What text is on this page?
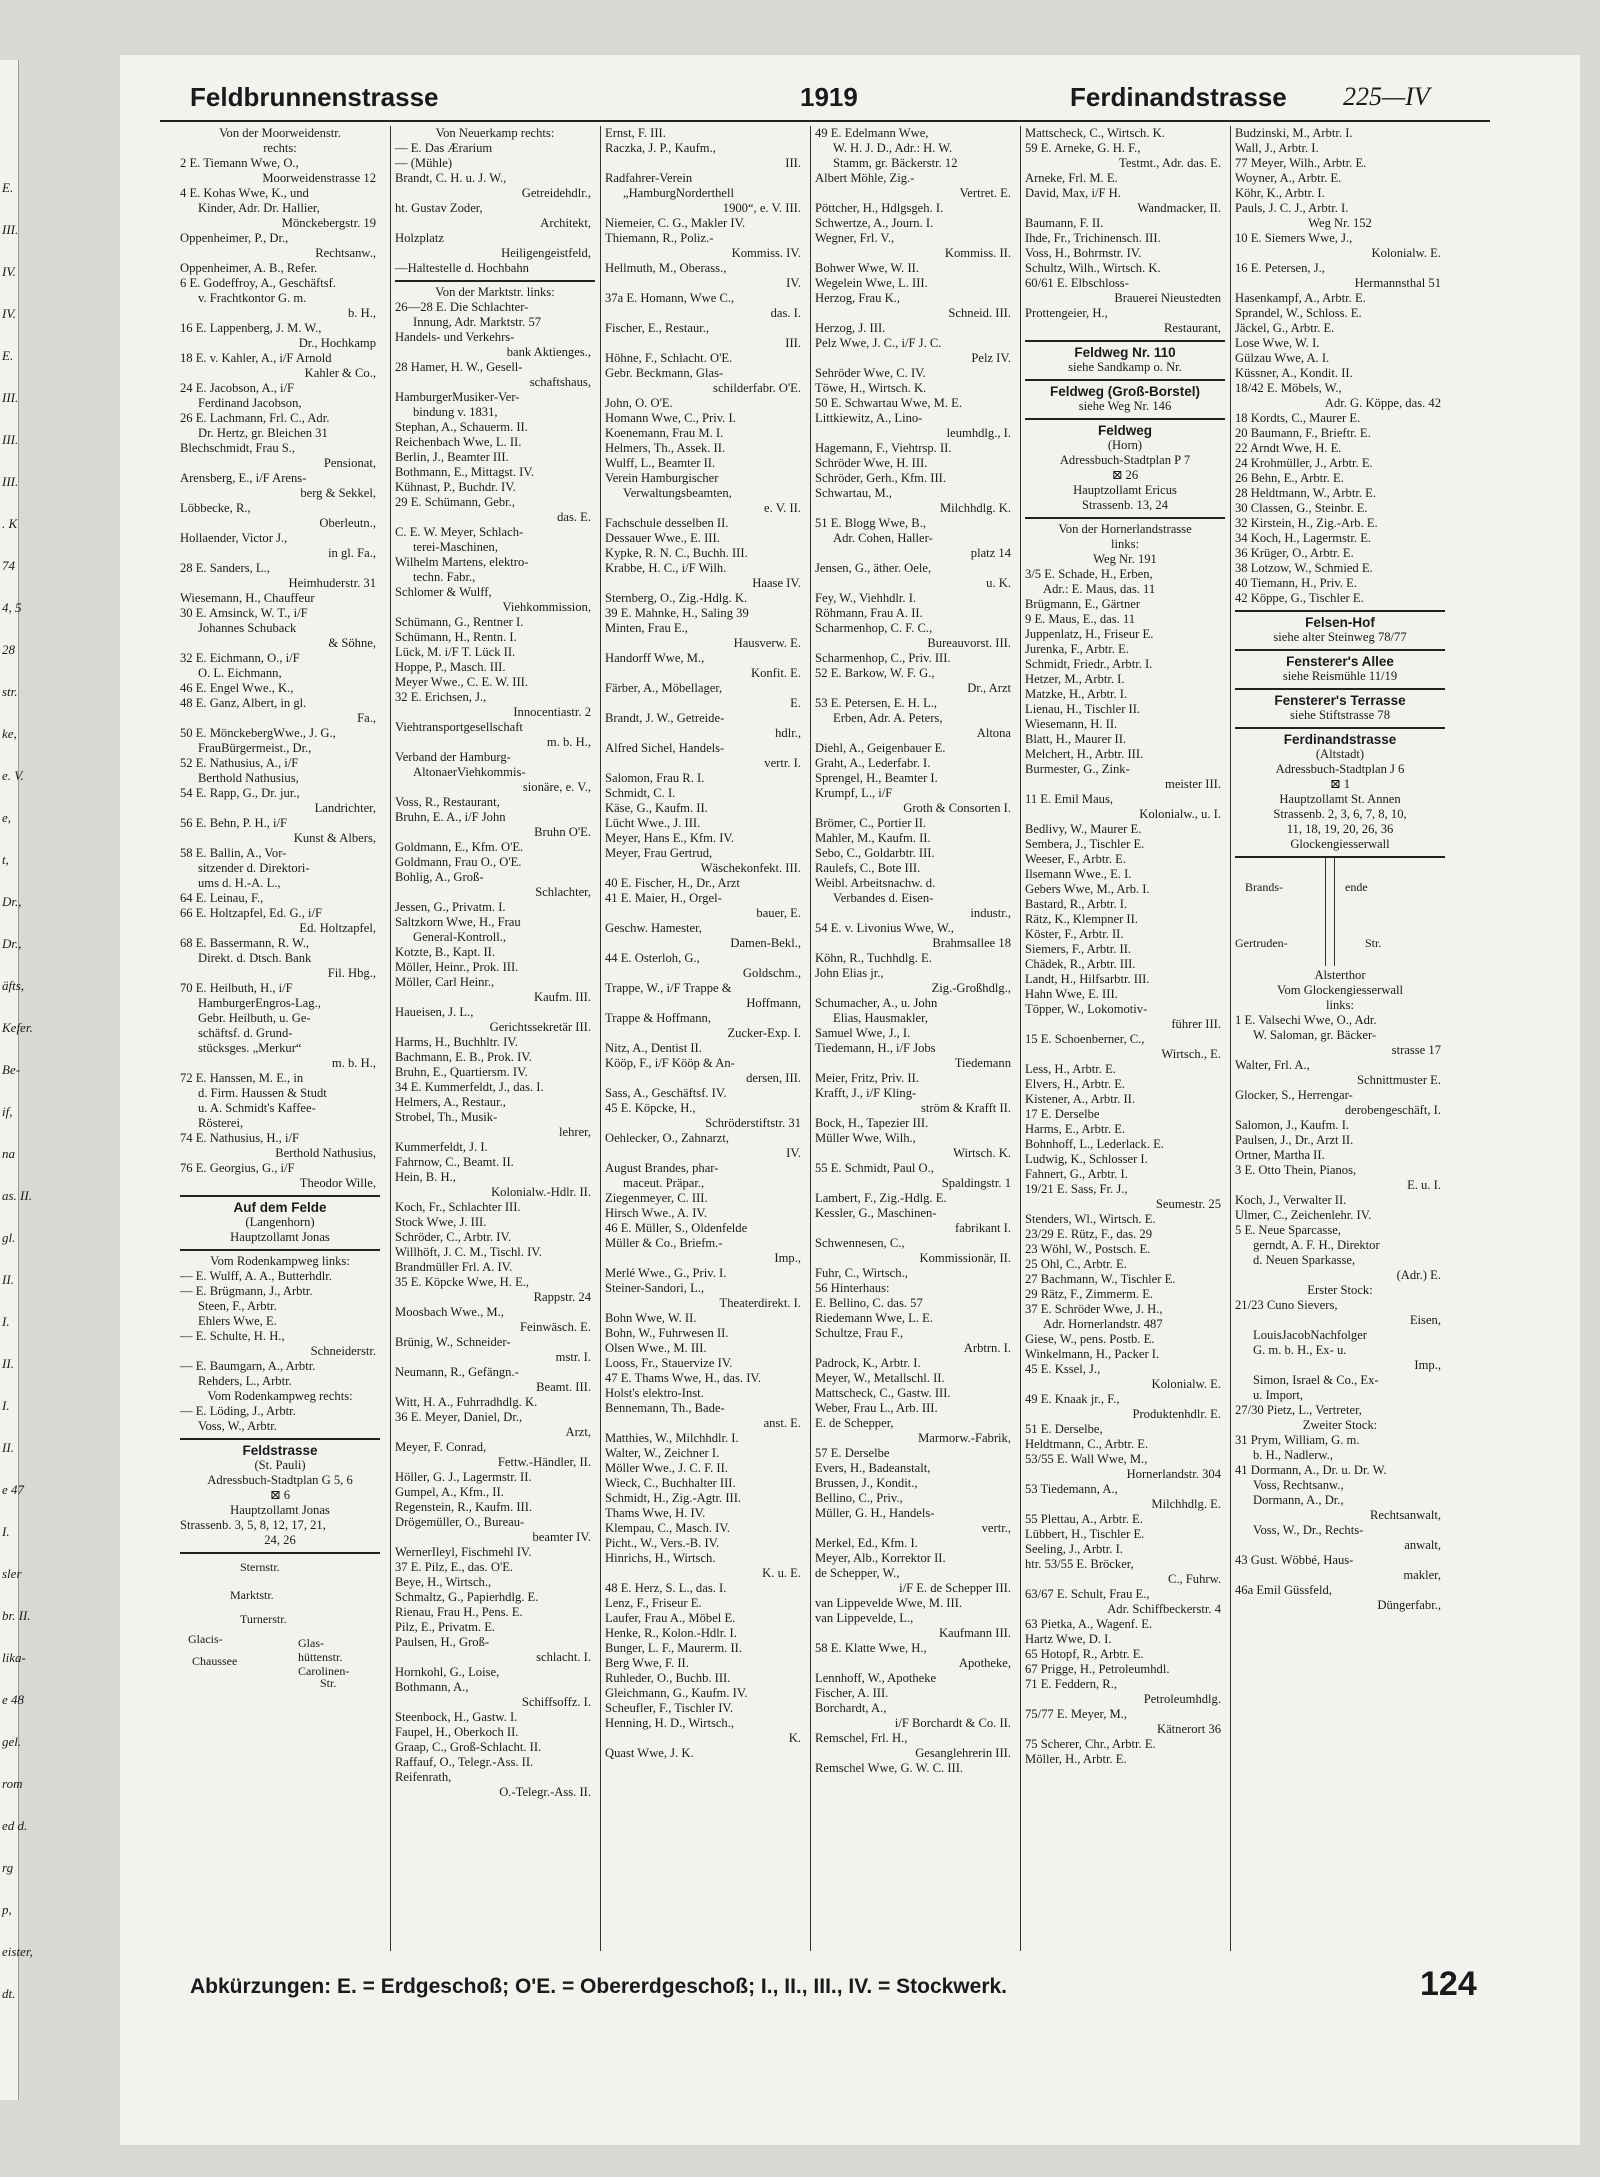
E.
III.
IV.
IV.
E.
III.
III.
III.
. K
74
4, 5
28
str.
ke,
e. V.
e,
t,
Dr.,
Dr.,
äfts,
Kefer.
Be-
if,
na
as. II.
gl.
II.
I.
II.
I.
II.
e 47
I.
sler
br. II.
lika-
e 48
gel.
rom
ed d.
rg
p,
eister,
dt.
Feldbrunnenstrasse	1919	Ferdinandstrasse 225—IV
Von der Moorweidenstr.
rechts:
2 E. Tiemann Wwe, O.,
Moorweidenstrasse 12
4 E. Kohas Wwe, K., und
Kinder, Adr. Dr. Hallier,
Mönckebergstr. 19
Oppenheimer, P., Dr.,
Rechtsanw.,
Oppenheimer, A. B., Refer.
6 E. Godeffroy, A., Geschäftsf.
v. Frachtkontor G. m.
b. H.,
16 E. Lappenberg, J. M. W.,
Dr., Hochkamp
18 E. v. Kahler, A., i/F Arnold
Kahler & Co.,
24 E. Jacobson, A., i/F
Ferdinand Jacobson,
26 E. Lachmann, Frl. C., Adr.
Dr. Hertz, gr. Bleichen 31
Blechschmidt, Frau S.,
Pensionat,
Arensberg, E., i/F Arens-
berg & Sekkel,
Löbbecke, R.,
Oberleutn.,
Hollaender, Victor J.,
in gl. Fa.,
28 E. Sanders, L.,
Heimhuderstr. 31
Wiesemann, H., Chauffeur
30 E. Amsinck, W. T., i/F
Johannes Schuback
& Söhne,
32 E. Eichmann, O., i/F
O. L. Eichmann,
46 E. Engel Wwe., K.,
48 E. Ganz, Albert, in gl.
Fa.,
50 E. MönckebergWwe., J. G.,
FrauBürgermeist., Dr.,
52 E. Nathusius, A., i/F
Berthold Nathusius,
54 E. Rapp, G., Dr. jur.,
Landrichter,
56 E. Behn, P. H., i/F
Kunst & Albers,
58 E. Ballin, A., Vor-
sitzender d. Direktori-
ums d. H.-A. L.,
64 E. Leinau, F.,
66 E. Holtzapfel, Ed. G., i/F
Ed. Holtzapfel,
68 E. Bassermann, R. W.,
Direkt. d. Dtsch. Bank
Fil. Hbg.,
70 E. Heilbuth, H., i/F
HamburgerEngros-Lag.,
Gebr. Heilbuth, u. Ge-
schäftsf. d. Grund-
stücksges. „Merkur“
m. b. H.,
72 E. Hanssen, M. E., in
d. Firm. Haussen & Studt
u. A. Schmidt's Kaffee-
Rösterei,
74 E. Nathusius, H., i/F
Berthold Nathusius,
76 E. Georgius, G., i/F
Theodor Wille,
Auf dem Felde
(Langenhorn)
Hauptzollamt Jonas
Vom Rodenkampweg links:
— E. Wulff, A. A., Butterhdlr.
— E. Brügmann, J., Arbtr.
Steen, F., Arbtr.
Ehlers Wwe, E.
— E. Schulte, H. H.,
Schneiderstr.
— E. Baumgarn, A., Arbtr.
Rehders, L., Arbtr.
Vom Rodenkampweg rechts:
— E. Löding, J., Arbtr.
Voss, W., Arbtr.
Feldstrasse
(St. Pauli)
Adressbuch-Stadtplan G 5, 6
⊠ 6
Hauptzollamt Jonas
Strassenb. 3, 5, 8, 12, 17, 21,
24, 26
Sternstr.
Marktstr.
Turnerstr.
Glas-
hüttenstr.
Glacis-
Chaussee
Carolinen-
Str.
Von Neuerkamp rechts:
— E. Das Ærarium
— (Mühle)
Brandt, C. H. u. J. W.,
Getreidehdlr.,
ht. Gustav Zoder,
Architekt,
Holzplatz
Heiligengeistfeld,
—Haltestelle d. Hochbahn
Von der Marktstr. links:
26—28 E. Die Schlachter-
Innung, Adr. Marktstr. 57
Handels- und Verkehrs-
bank Aktienges.,
28 Hamer, H. W., Gesell-
schaftshaus,
HamburgerMusiker-Ver-
bindung v. 1831,
Stephan, A., Schauerm. II.
Reichenbach Wwe, L. II.
Berlin, J., Beamter III.
Bothmann, E., Mittagst. IV.
Kühnast, P., Buchdr. IV.
29 E. Schümann, Gebr.,
das. E.
C. E. W. Meyer, Schlach-
terei-Maschinen,
Wilhelm Martens, elektro-
techn. Fabr.,
Schlomer & Wulff,
Viehkommission,
Schümann, G., Rentner I.
Schümann, H., Rentn. I.
Lück, M. i/F T. Lück II.
Hoppe, P., Masch. III.
Meyer Wwe., C. E. W. III.
32 E. Erichsen, J.,
Innocentiastr. 2
Viehtransportgesellschaft
m. b. H.,
Verband der Hamburg-
AltonaerViehkommis-
sionäre, e. V.,
Voss, R., Restaurant,
Bruhn, E. A., i/F John
Bruhn O'E.
Goldmann, E., Kfm. O'E.
Goldmann, Frau O., O'E.
Bohlig, A., Groß-
Schlachter,
Jessen, G., Privatm. I.
Saltzkorn Wwe, H., Frau
General-Kontroll.,
Kotzte, B., Kapt. II.
Möller, Heinr., Prok. III.
Möller, Carl Heinr.,
Kaufm. III.
Haueisen, J. L.,
Gerichtssekretär III.
Harms, H., Buchhltr. IV.
Bachmann, E. B., Prok. IV.
Bruhn, E., Quartiersm. IV.
34 E. Kummerfeldt, J., das. I.
Helmers, A., Restaur.,
Strobel, Th., Musik-
lehrer,
Kummerfeldt, J. I.
Fahrnow, C., Beamt. II.
Hein, B. H.,
Kolonialw.-Hdlr. II.
Koch, Fr., Schlachter III.
Stock Wwe, J. III.
Schröder, C., Arbtr. IV.
Willhöft, J. C. M., Tischl. IV.
Brandmüller Frl. A. IV.
35 E. Köpcke Wwe, H. E.,
Rappstr. 24
Moosbach Wwe., M.,
Feinwäsch. E.
Brünig, W., Schneider-
mstr. I.
Neumann, R., Gefängn.-
Beamt. III.
Witt, H. A., Fuhrradhdlg. K.
36 E. Meyer, Daniel, Dr.,
Arzt,
Meyer, F. Conrad,
Fettw.-Händler, II.
Höller, G. J., Lagermstr. II.
Gumpel, A., Kfm., II.
Regenstein, R., Kaufm. III.
Drögemüller, O., Bureau-
beamter IV.
WernerIleyl, Fischmehl IV.
37 E. Pilz, E., das. O'E.
Beye, H., Wirtsch.,
Schmaltz, G., Papierhdlg. E.
Rienau, Frau H., Pens. E.
Pilz, E., Privatm. E.
Paulsen, H., Groß-
schlacht. I.
Hornkohl, G., Loise,
Bothmann, A.,
Schiffsoffz. I.
Steenbock, H., Gastw. I.
Faupel, H., Oberkoch II.
Graap, C., Groß-Schlacht. II.
Raffauf, O., Telegr.-Ass. II.
Reifenrath,
O.-Telegr.-Ass. II.
Ernst, F. III.
Raczka, J. P., Kaufm.,
III.
Radfahrer-Verein
„HamburgNorderthell
1900“, e. V. III.
Niemeier, C. G., Makler IV.
Thiemann, R., Poliz.-
Kommiss. IV.
Hellmuth, M., Oberass.,
IV.
37a E. Homann, Wwe C.,
das. I.
Fischer, E., Restaur.,
III.
Höhne, F., Schlacht. O'E.
Gebr. Beckmann, Glas-
schilderfabr. O'E.
John, O. O'E.
Homann Wwe, C., Priv. I.
Koenemann, Frau M. I.
Helmers, Th., Assek. II.
Wulff, L., Beamter II.
Verein Hamburgischer
Verwaltungsbeamten,
e. V. II.
Fachschule desselben II.
Dessauer Wwe., E. III.
Kypke, R. N. C., Buchh. III.
Krabbe, H. C., i/F Wilh.
Haase IV.
Sternberg, O., Zig.-Hdlg. K.
39 E. Mahnke, H., Saling 39
Minten, Frau E.,
Hausverw. E.
Handorff Wwe, M.,
Konfit. E.
Färber, A., Möbellager,
E.
Brandt, J. W., Getreide-
hdlr.,
Alfred Sichel, Handels-
vertr. I.
Salomon, Frau R. I.
Schmidt, C. I.
Käse, G., Kaufm. II.
Lücht Wwe., J. III.
Meyer, Hans E., Kfm. IV.
Meyer, Frau Gertrud,
Wäschekonfekt. III.
40 E. Fischer, H., Dr., Arzt
41 E. Maier, H., Orgel-
bauer, E.
Geschw. Hamester,
Damen-Bekl.,
44 E. Osterloh, G.,
Goldschm.,
Trappe, W., i/F Trappe &
Hoffmann,
Trappe & Hoffmann,
Zucker-Exp. I.
Nitz, A., Dentist II.
Kööp, F., i/F Kööp & An-
dersen, III.
Sass, A., Geschäftsf. IV.
45 E. Köpcke, H.,
Schröderstiftstr. 31
Oehlecker, O., Zahnarzt,
IV.
August Brandes, phar-
maceut. Präpar.,
Ziegenmeyer, C. III.
Hirsch Wwe., A. IV.
46 E. Müller, S., Oldenfelde
Müller & Co., Briefm.-
Imp.,
Merlé Wwe., G., Priv. I.
Steiner-Sandori, L.,
Theaterdirekt. I.
Bohn Wwe, W. II.
Bohn, W., Fuhrwesen II.
Olsen Wwe., M. III.
Looss, Fr., Stauervize IV.
47 E. Thams Wwe, H., das. IV.
Holst's elektro-Inst.
Bennemann, Th., Bade-
anst. E.
Matthies, W., Milchhdlr. I.
Walter, W., Zeichner I.
Möller Wwe., J. C. F. II.
Wieck, C., Buchhalter III.
Schmidt, H., Zig.-Agtr. III.
Thams Wwe, H. IV.
Klempau, C., Masch. IV.
Picht., W., Vers.-B. IV.
Hinrichs, H., Wirtsch.
K. u. E.
48 E. Herz, S. L., das. I.
Lenz, F., Friseur E.
Laufer, Frau A., Möbel E.
Henke, R., Kolon.-Hdlr. I.
Bunger, L. F., Maurerm. II.
Berg Wwe, F. II.
Ruhleder, O., Buchb. III.
Gleichmann, G., Kaufm. IV.
Scheufler, F., Tischler IV.
Henning, H. D., Wirtsch.,
K.
Quast Wwe, J. K.
49 E. Edelmann Wwe,
W. H. J. D., Adr.: H. W.
Stamm, gr. Bäckerstr. 12
Albert Möhle, Zig.-
Vertret. E.
Pöttcher, H., Hdlgsgeh. I.
Schwertze, A., Journ. I.
Wegner, Frl. V.,
Kommiss. II.
Bohwer Wwe, W. II.
Wegelein Wwe, L. III.
Herzog, Frau K.,
Schneid. III.
Herzog, J. III.
Pelz Wwe, J. C., i/F J. C.
Pelz IV.
Sehröder Wwe, C. IV.
Töwe, H., Wirtsch. K.
50 E. Schwartau Wwe, M. E.
Littkiewitz, A., Lino-
leumhdlg., I.
Hagemann, F., Viehtrsp. II.
Schröder Wwe, H. III.
Schröder, Gerh., Kfm. III.
Schwartau, M.,
Milchhdlg. K.
51 E. Blogg Wwe, B.,
Adr. Cohen, Haller-
platz 14
Jensen, G., äther. Oele,
u. K.
Fey, W., Viehhdlr. I.
Röhmann, Frau A. II.
Scharmenhop, C. F. C.,
Bureauvorst. III.
Scharmenhop, C., Priv. III.
52 E. Barkow, W. F. G.,
Dr., Arzt
53 E. Petersen, E. H. L.,
Erben, Adr. A. Peters,
Altona
Diehl, A., Geigenbauer E.
Graht, A., Lederfabr. I.
Sprengel, H., Beamter I.
Krumpf, L., i/F
Groth & Consorten I.
Brömer, C., Portier II.
Mahler, M., Kaufm. II.
Sebo, C., Goldarbtr. III.
Raulefs, C., Bote III.
Weibl. Arbeitsnachw. d.
Verbandes d. Eisen-
industr.,
54 E. v. Livonius Wwe, W.,
Brahmsallee 18
Köhn, R., Tuchhdlg. E.
John Elias jr.,
Zig.-Großhdlg.,
Schumacher, A., u. John
Elias, Hausmakler,
Samuel Wwe, J., I.
Tiedemann, H., i/F Jobs
Tiedemann
Meier, Fritz, Priv. II.
Krafft, J., i/F Kling-
ström & Krafft II.
Bock, H., Tapezier III.
Müller Wwe, Wilh.,
Wirtsch. K.
55 E. Schmidt, Paul O.,
Spaldingstr. 1
Lambert, F., Zig.-Hdlg. E.
Kessler, G., Maschinen-
fabrikant I.
Schwennesen, C.,
Kommissionär, II.
Fuhr, C., Wirtsch.,
56 Hinterhaus:
E. Bellino, C. das. 57
Riedemann Wwe, L. E.
Schultze, Frau F.,
Arbtrn. I.
Padrock, K., Arbtr. I.
Meyer, W., Metallschl. II.
Mattscheck, C., Gastw. III.
Weber, Frau L., Arb. III.
E. de Schepper,
Marmorw.-Fabrik,
57 E. Derselbe
Evers, H., Badeanstalt,
Brussen, J., Kondit.,
Bellino, C., Priv.,
Müller, G. H., Handels-
vertr.,
Merkel, Ed., Kfm. I.
Meyer, Alb., Korrektor II.
de Schepper, W.,
i/F E. de Schepper III.
van Lippevelde Wwe, M. III.
van Lippevelde, L.,
Kaufmann III.
58 E. Klatte Wwe, H.,
Apotheke,
Lennhoff, W., Apotheke
Fischer, A. III.
Borchardt, A.,
i/F Borchardt & Co. II.
Remschel, Frl. H.,
Gesanglehrerin III.
Remschel Wwe, G. W. C. III.
Mattscheck, C., Wirtsch. K.
59 E. Arneke, G. H. F.,
Testmt., Adr. das. E.
Arneke, Frl. M. E.
David, Max, i/F H.
Wandmacker, II.
Baumann, F. II.
Ihde, Fr., Trichinensch. III.
Voss, H., Bohrmstr. IV.
Schultz, Wilh., Wirtsch. K.
60/61 E. Elbschloss-
Brauerei Nieustedten
Prottengeier, H.,
Restaurant,
Feldweg Nr. 110
siehe Sandkamp o. Nr.
Feldweg (Groß-Borstel)
siehe Weg Nr. 146
Feldweg
(Horn)
Adressbuch-Stadtplan P 7
⊠ 26
Hauptzollamt Ericus
Strassenb. 13, 24
Von der Hornerlandstrasse
links:
Weg Nr. 191
3/5 E. Schade, H., Erben,
Adr.: E. Maus, das. 11
Brügmann, E., Gärtner
9 E. Maus, E., das. 11
Juppenlatz, H., Friseur E.
Jurenka, F., Arbtr. E.
Schmidt, Friedr., Arbtr. I.
Hetzer, M., Arbtr. I.
Matzke, H., Arbtr. I.
Lienau, H., Tischler II.
Wiesemann, H. II.
Blatt, H., Maurer II.
Melchert, H., Arbtr. III.
Burmester, G., Zink-
meister III.
11 E. Emil Maus,
Kolonialw., u. I.
Bedlivy, W., Maurer E.
Sembera, J., Tischler E.
Weeser, F., Arbtr. E.
Ilsemann Wwe., E. I.
Gebers Wwe, M., Arb. I.
Bastard, R., Arbtr. I.
Rätz, K., Klempner II.
Köster, F., Arbtr. II.
Siemers, F., Arbtr. II.
Chädek, R., Arbtr. III.
Landt, H., Hilfsarbtr. III.
Hahn Wwe, E. III.
Töpper, W., Lokomotiv-
führer III.
15 E. Schoenberner, C.,
Wirtsch., E.
Less, H., Arbtr. E.
Elvers, H., Arbtr. E.
Kistener, A., Arbtr. II.
17 E. Derselbe
Harms, E., Arbtr. E.
Bohnhoff, L., Lederlack. E.
Ludwig, K., Schlosser I.
Fahnert, G., Arbtr. I.
19/21 E. Sass, Fr. J.,
Seumestr. 25
Stenders, Wl., Wirtsch. E.
23/29 E. Rütz, F., das. 29
23 Wöhl, W., Postsch. E.
25 Ohl, C., Arbtr. E.
27 Bachmann, W., Tischler E.
29 Rätz, F., Zimmerm. E.
37 E. Schröder Wwe, J. H.,
Adr. Hornerlandstr. 487
Giese, W., pens. Postb. E.
Winkelmann, H., Packer I.
45 E. Kssel, J.,
Kolonialw. E.
49 E. Knaak jr., F.,
Produktenhdlr. E.
51 E. Derselbe,
Heldtmann, C., Arbtr. E.
53/55 E. Wall Wwe, M.,
Hornerlandstr. 304
53 Tiedemann, A.,
Milchhdlg. E.
55 Plettau, A., Arbtr. E.
Lübbert, H., Tischler E.
Seeling, J., Arbtr. I.
htr. 53/55 E. Bröcker,
C., Fuhrw.
63/67 E. Schult, Frau E.,
Adr. Schiffbeckerstr. 4
63 Pietka, A., Wagenf. E.
Hartz Wwe, D. I.
65 Hotopf, R., Arbtr. E.
67 Prigge, H., Petroleumhdl.
71 E. Feddern, R.,
Petroleumhdlg.
75/77 E. Meyer, M.,
Kätnerort 36
75 Scherer, Chr., Arbtr. E.
Möller, H., Arbtr. E.
Budzinski, M., Arbtr. I.
Wall, J., Arbtr. I.
77 Meyer, Wilh., Arbtr. E.
Woyner, A., Arbtr. E.
Köhr, K., Arbtr. I.
Pauls, J. C. J., Arbtr. I.
Weg Nr. 152
10 E. Siemers Wwe, J.,
Kolonialw. E.
16 E. Petersen, J.,
Hermannsthal 51
Hasenkampf, A., Arbtr. E.
Sprandel, W., Schloss. E.
Jäckel, G., Arbtr. E.
Lose Wwe, W. I.
Gülzau Wwe, A. I.
Küssner, A., Kondit. II.
18/42 E. Möbels, W.,
Adr. G. Köppe, das. 42
18 Kordts, C., Maurer E.
20 Baumann, F., Brieftr. E.
22 Arndt Wwe, H. E.
24 Krohmüller, J., Arbtr. E.
26 Behn, E., Arbtr. E.
28 Heldtmann, W., Arbtr. E.
30 Classen, G., Steinbr. E.
32 Kirstein, H., Zig.-Arb. E.
34 Koch, H., Lagermstr. E.
36 Krüger, O., Arbtr. E.
38 Lotzow, W., Schmied E.
40 Tiemann, H., Priv. E.
42 Köppe, G., Tischler E.
Felsen-Hof
siehe alter Steinweg 78/77
Fensterer's Allee
siehe Reismühle 11/19
Fensterer's Terrasse
siehe Stiftstrasse 78
Ferdinandstrasse
(Altstadt)
Adressbuch-Stadtplan J 6
⊠ 1
Hauptzollamt St. Annen
Strassenb. 2, 3, 6, 7, 8, 10,
11, 18, 19, 20, 26, 36
Glockengiesserwall
Brands-	ende
Gertruden-	Str.
Alsterthor
Vom Glockengiesserwall
links:
1 E. Valsechi Wwe, O., Adr.
W. Saloman, gr. Bäcker-
strasse 17
Walter, Frl. A.,
Schnittmuster E.
Glocker, S., Herrengar-
derobengeschäft, I.
Salomon, J., Kaufm. I.
Paulsen, J., Dr., Arzt II.
Ortner, Martha II.
3 E. Otto Thein, Pianos,
E. u. I.
Koch, J., Verwalter II.
Ulmer, C., Zeichenlehr. IV.
5 E. Neue Sparcasse,
gerndt, A. F. H., Direktor
d. Neuen Sparkasse,
(Adr.) E.
Erster Stock:
21/23 Cuno Sievers,
Eisen,
LouisJacobNachfolger
G. m. b. H., Ex- u.
Imp.,
Simon, Israel & Co., Ex-
u. Import,
27/30 Pietz, L., Vertreter,
Zweiter Stock:
31 Prym, William, G. m.
b. H., Nadlerw.,
41 Dormann, A., Dr. u. Dr. W.
Voss, Rechtsanw.,
Dormann, A., Dr.,
Rechtsanwalt,
Voss, W., Dr., Rechts-
anwalt,
43 Gust. Wöbbé, Haus-
makler,
46a Emil Güssfeld,
Düngerfabr.,
Abkürzungen: E. = Erdgeschoß; O'E. = Obererdgeschoß; I., II., III., IV. = Stockwerk.	124
